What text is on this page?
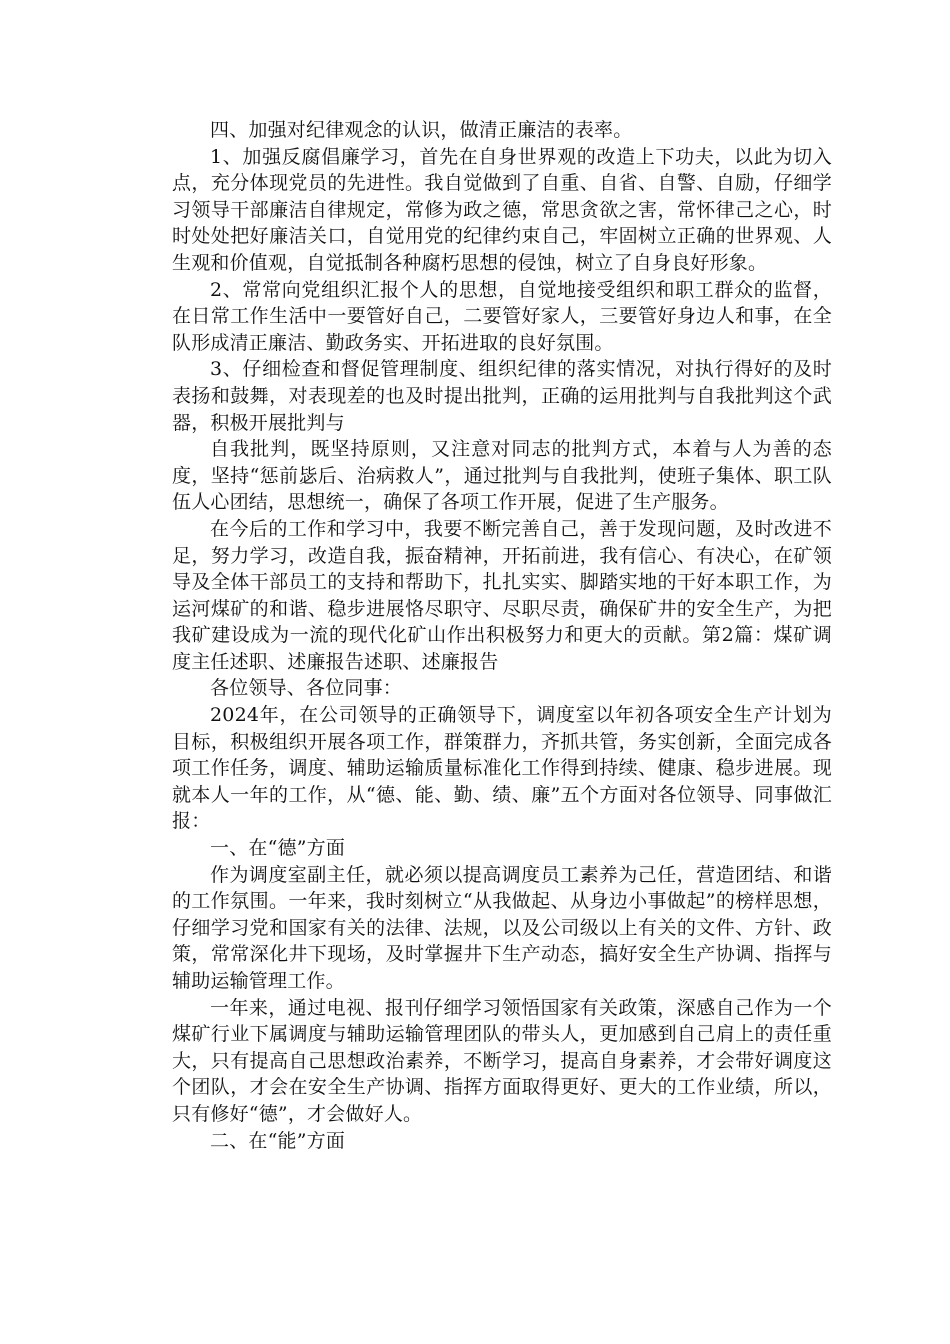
四、加强对纪律观念的认识，做清正廉洁的表率。

1、加强反腐倡廉学习，首先在自身世界观的改造上下功夫，以此为切入点，充分体现党员的先进性。我自觉做到了自重、自省、自警、自励，仔细学习领导干部廉洁自律规定，常修为政之德，常思贪欲之害，常怀律己之心，时时处处把好廉洁关口，自觉用党的纪律约束自己，牢固树立正确的世界观、人生观和价值观，自觉抵制各种腐朽思想的侵蚀，树立了自身良好形象。

2、常常向党组织汇报个人的思想，自觉地接受组织和职工群众的监督，在日常工作生活中一要管好自己，二要管好家人，三要管好身边人和事，在全队形成清正廉洁、勤政务实、开拓进取的良好氛围。

3、仔细检查和督促管理制度、组织纪律的落实情况，对执行得好的及时表扬和鼓舞，对表现差的也及时提出批判，正确的运用批判与自我批判这个武器，积极开展批判与

自我批判，既坚持原则，又注意对同志的批判方式，本着与人为善的态度，坚持“惩前毖后、治病救人”，通过批判与自我批判，使班子集体、职工队伍人心团结，思想统一，确保了各项工作开展，促进了生产服务。

在今后的工作和学习中，我要不断完善自己，善于发现问题，及时改进不足，努力学习，改造自我，振奋精神，开拓前进，我有信心、有决心，在矿领导及全体干部员工的支持和帮助下，扎扎实实、脚踏实地的干好本职工作，为运河煤矿的和谐、稳步进展恪尽职守、尽职尽责，确保矿井的安全生产，为把我矿建设成为一流的现代化矿山作出积极努力和更大的贡献。第2篇：煤矿调度主任述职、述廉报告述职、述廉报告

各位领导、各位同事：

2024年，在公司领导的正确领导下，调度室以年初各项安全生产计划为目标，积极组织开展各项工作，群策群力，齐抓共管，务实创新，全面完成各项工作任务，调度、辅助运输质量标准化工作得到持续、健康、稳步进展。现就本人一年的工作，从“德、能、勤、绩、廉”五个方面对各位领导、同事做汇报：

一、在“德”方面

作为调度室副主任，就必须以提高调度员工素养为己任，营造团结、和谐的工作氛围。一年来，我时刻树立“从我做起、从身边小事做起”的榜样思想，仔细学习党和国家有关的法律、法规，以及公司级以上有关的文件、方针、政策，常常深化井下现场，及时掌握井下生产动态，搞好安全生产协调、指挥与辅助运输管理工作。

一年来，通过电视、报刊仔细学习领悟国家有关政策，深感自己作为一个煤矿行业下属调度与辅助运输管理团队的带头人，更加感到自己肩上的责任重大，只有提高自己思想政治素养，不断学习，提高自身素养，才会带好调度这个团队，才会在安全生产协调、指挥方面取得更好、更大的工作业绩，所以，只有修好“德”，才会做好人。

二、在“能”方面
